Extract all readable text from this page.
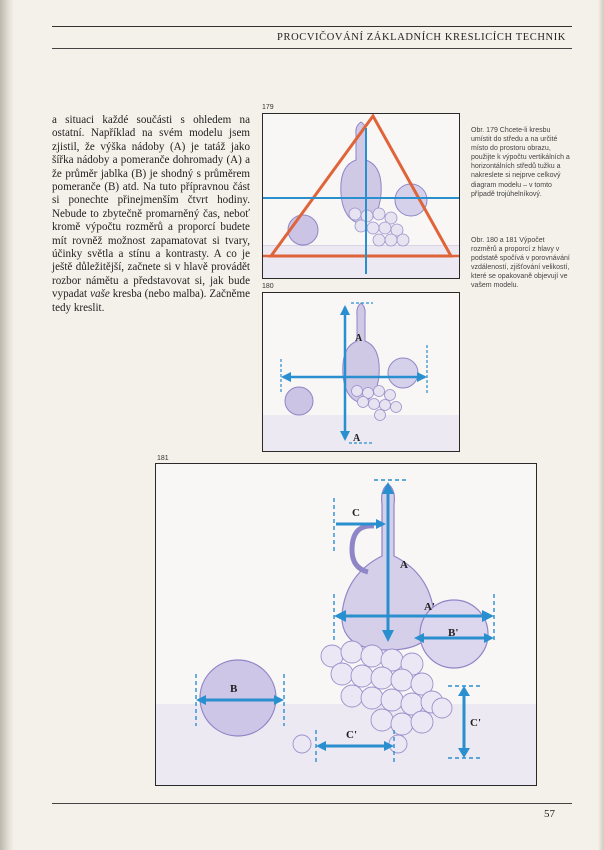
PROCVIČOVÁNÍ ZÁKLADNÍCH KRESLICÍCH TECHNIK

a situaci každé součásti s ohledem na ostatní. Například na svém modelu jsem zjistil, že výška nádoby (A) je tatáž jako šířka nádoby a pomeranče dohromady (A) a že průměr jablka (B) je shodný s průměrem pomeranče (B) atd. Na tuto přípravnou část si ponechte přinejmenším čtvrt hodiny. Nebude to zbytečně promarněný čas, neboť kromě výpočtu rozměrů a proporcí budete mít rovněž možnost zapamatovat si tvary, účinky světla a stínu a kontrasty. A co je ještě důležitější, začnete si v hlavě provádět rozbor námětu a představovat si, jak bude vypadat vaše kresba (nebo malba). Začněme tedy kreslit.

179
180
A
A
181
C
A
A'
B'
B
C'
C'

Obr. 179 Chcete-li kresbu umístit do středu a na určité místo do prostoru obrazu, použijte k výpočtu vertikálních a horizontálních středů tužku a nakreslete si nejprve celkový diagram modelu – v tomto případě trojúhelníkový.

Obr. 180 a 181 Výpočet rozměrů a proporcí z hlavy v podstatě spočívá v porovnávání vzdáleností, zjišťování velikostí, které se opakovaně objevují ve vašem modelu.

57
